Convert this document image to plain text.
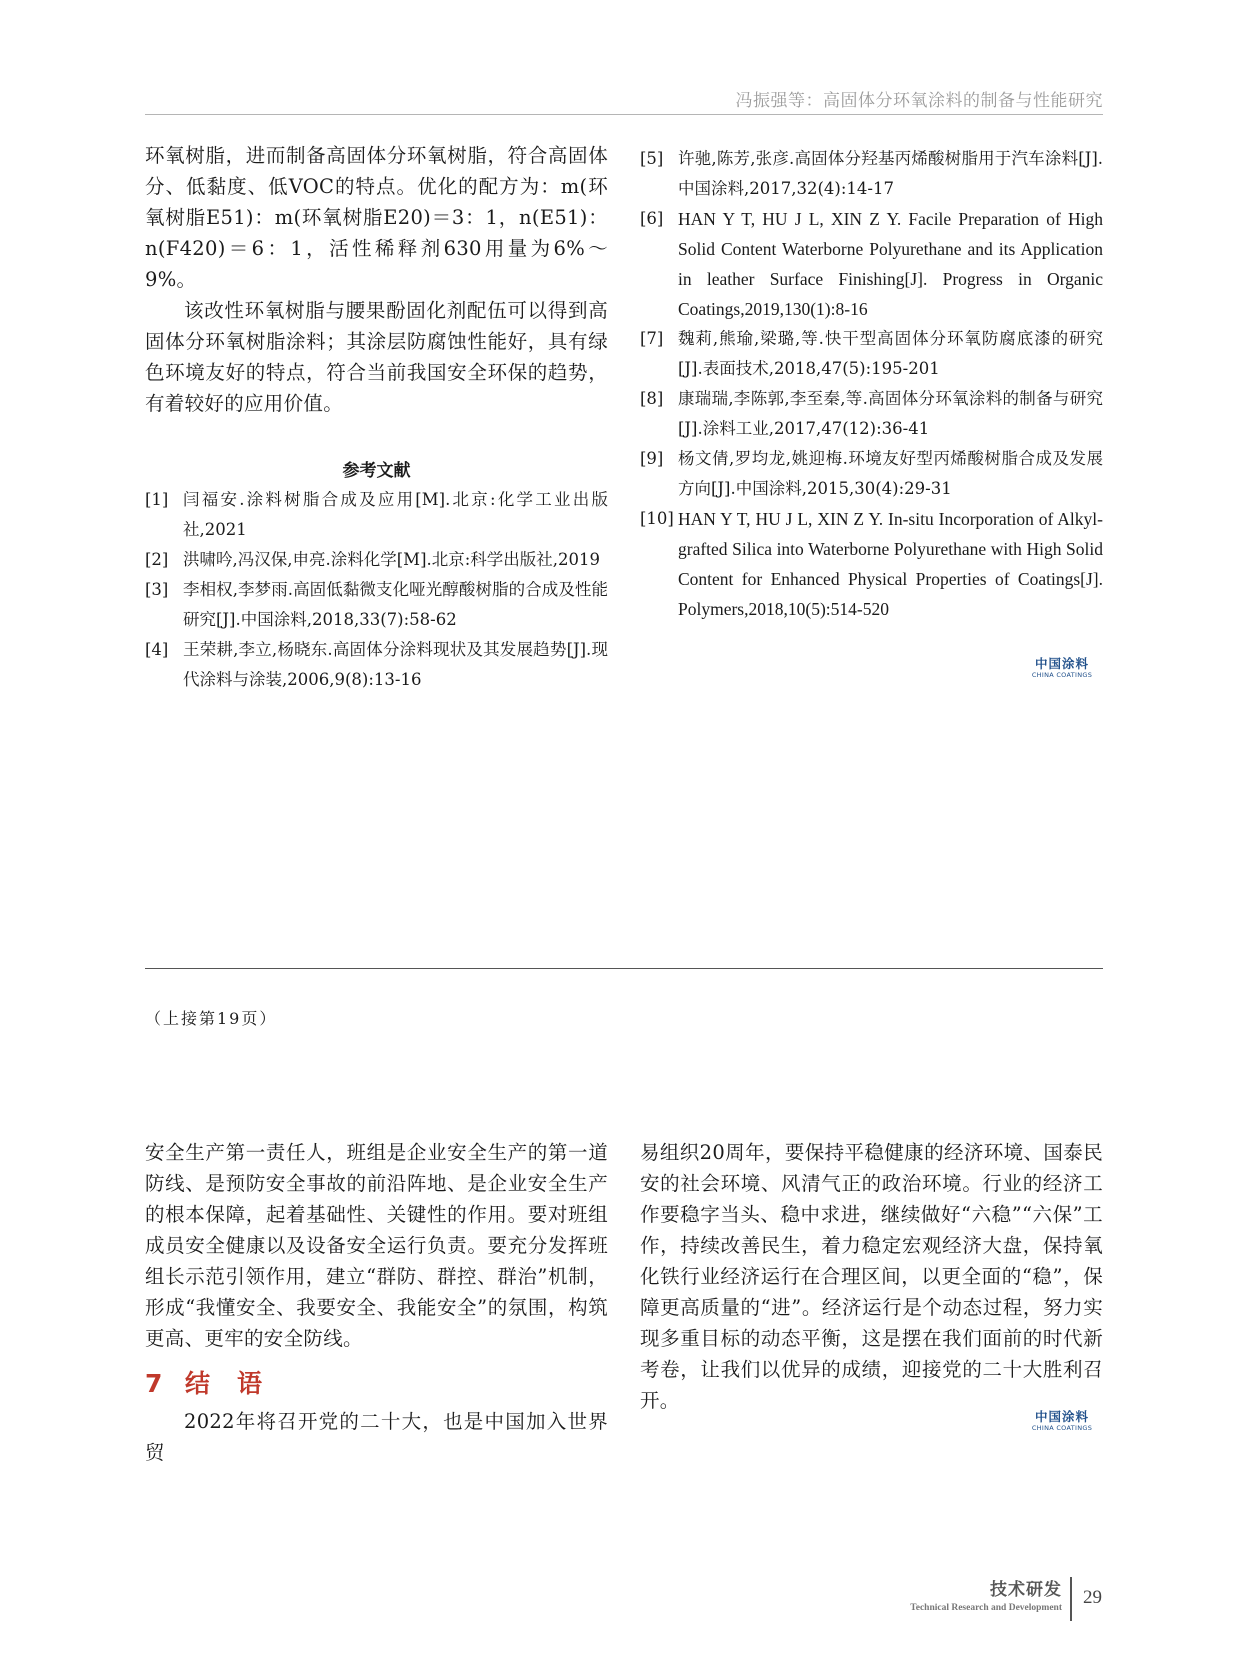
冯振强等：高固体分环氧涂料的制备与性能研究

环氧树脂，进而制备高固体分环氧树脂，符合高固体分、低黏度、低VOC的特点。优化的配方为：m(环氧树脂E51)：m(环氧树脂E20)＝3：1，n(E51)：n(F420)＝6：1，活性稀释剂630用量为6%～9%。

该改性环氧树脂与腰果酚固化剂配伍可以得到高固体分环氧树脂涂料；其涂层防腐蚀性能好，具有绿色环境友好的特点，符合当前我国安全环保的趋势，有着较好的应用价值。

参考文献

[1] 闫福安.涂料树脂合成及应用[M].北京:化学工业出版社,2021
[2] 洪啸吟,冯汉保,申亮.涂料化学[M].北京:科学出版社,2019
[3] 李相权,李梦雨.高固低黏微支化哑光醇酸树脂的合成及性能研究[J].中国涂料,2018,33(7):58-62
[4] 王荣耕,李立,杨晓东.高固体分涂料现状及其发展趋势[J].现代涂料与涂装,2006,9(8):13-16
[5] 许驰,陈芳,张彦.高固体分羟基丙烯酸树脂用于汽车涂料[J].中国涂料,2017,32(4):14-17
[6] HAN Y T, HU J L, XIN Z Y. Facile Preparation of High Solid Content Waterborne Polyurethane and its Application in leather Surface Finishing[J]. Progress in Organic Coatings,2019,130(1):8-16
[7] 魏莉,熊瑜,梁璐,等.快干型高固体分环氧防腐底漆的研究[J].表面技术,2018,47(5):195-201
[8] 康瑞瑞,李陈郭,李至秦,等.高固体分环氧涂料的制备与研究[J].涂料工业,2017,47(12):36-41
[9] 杨文倩,罗均龙,姚迎梅.环境友好型丙烯酸树脂合成及发展方向[J].中国涂料,2015,30(4):29-31
[10] HAN Y T, HU J L, XIN Z Y. In-situ Incorporation of Alkyl-grafted Silica into Waterborne Polyurethane with High Solid Content for Enhanced Physical Properties of Coatings[J]. Polymers,2018,10(5):514-520
中国涂料
CHINA COATINGS
（上接第19页）

安全生产第一责任人，班组是企业安全生产的第一道防线、是预防安全事故的前沿阵地、是企业安全生产的根本保障，起着基础性、关键性的作用。要对班组成员安全健康以及设备安全运行负责。要充分发挥班组长示范引领作用，建立“群防、群控、群治”机制，形成“我懂安全、我要安全、我能安全”的氛围，构筑更高、更牢的安全防线。

7 结 语

2022年将召开党的二十大，也是中国加入世界贸

易组织20周年，要保持平稳健康的经济环境、国泰民安的社会环境、风清气正的政治环境。行业的经济工作要稳字当头、稳中求进，继续做好“六稳”“六保”工作，持续改善民生，着力稳定宏观经济大盘，保持氧化铁行业经济运行在合理区间，以更全面的“稳”，保障更高质量的“进”。经济运行是个动态过程，努力实现多重目标的动态平衡，这是摆在我们面前的时代新考卷，让我们以优异的成绩，迎接党的二十大胜利召开。

中国涂料
CHINA COATINGS
技术研发
Technical Research and Development 29
